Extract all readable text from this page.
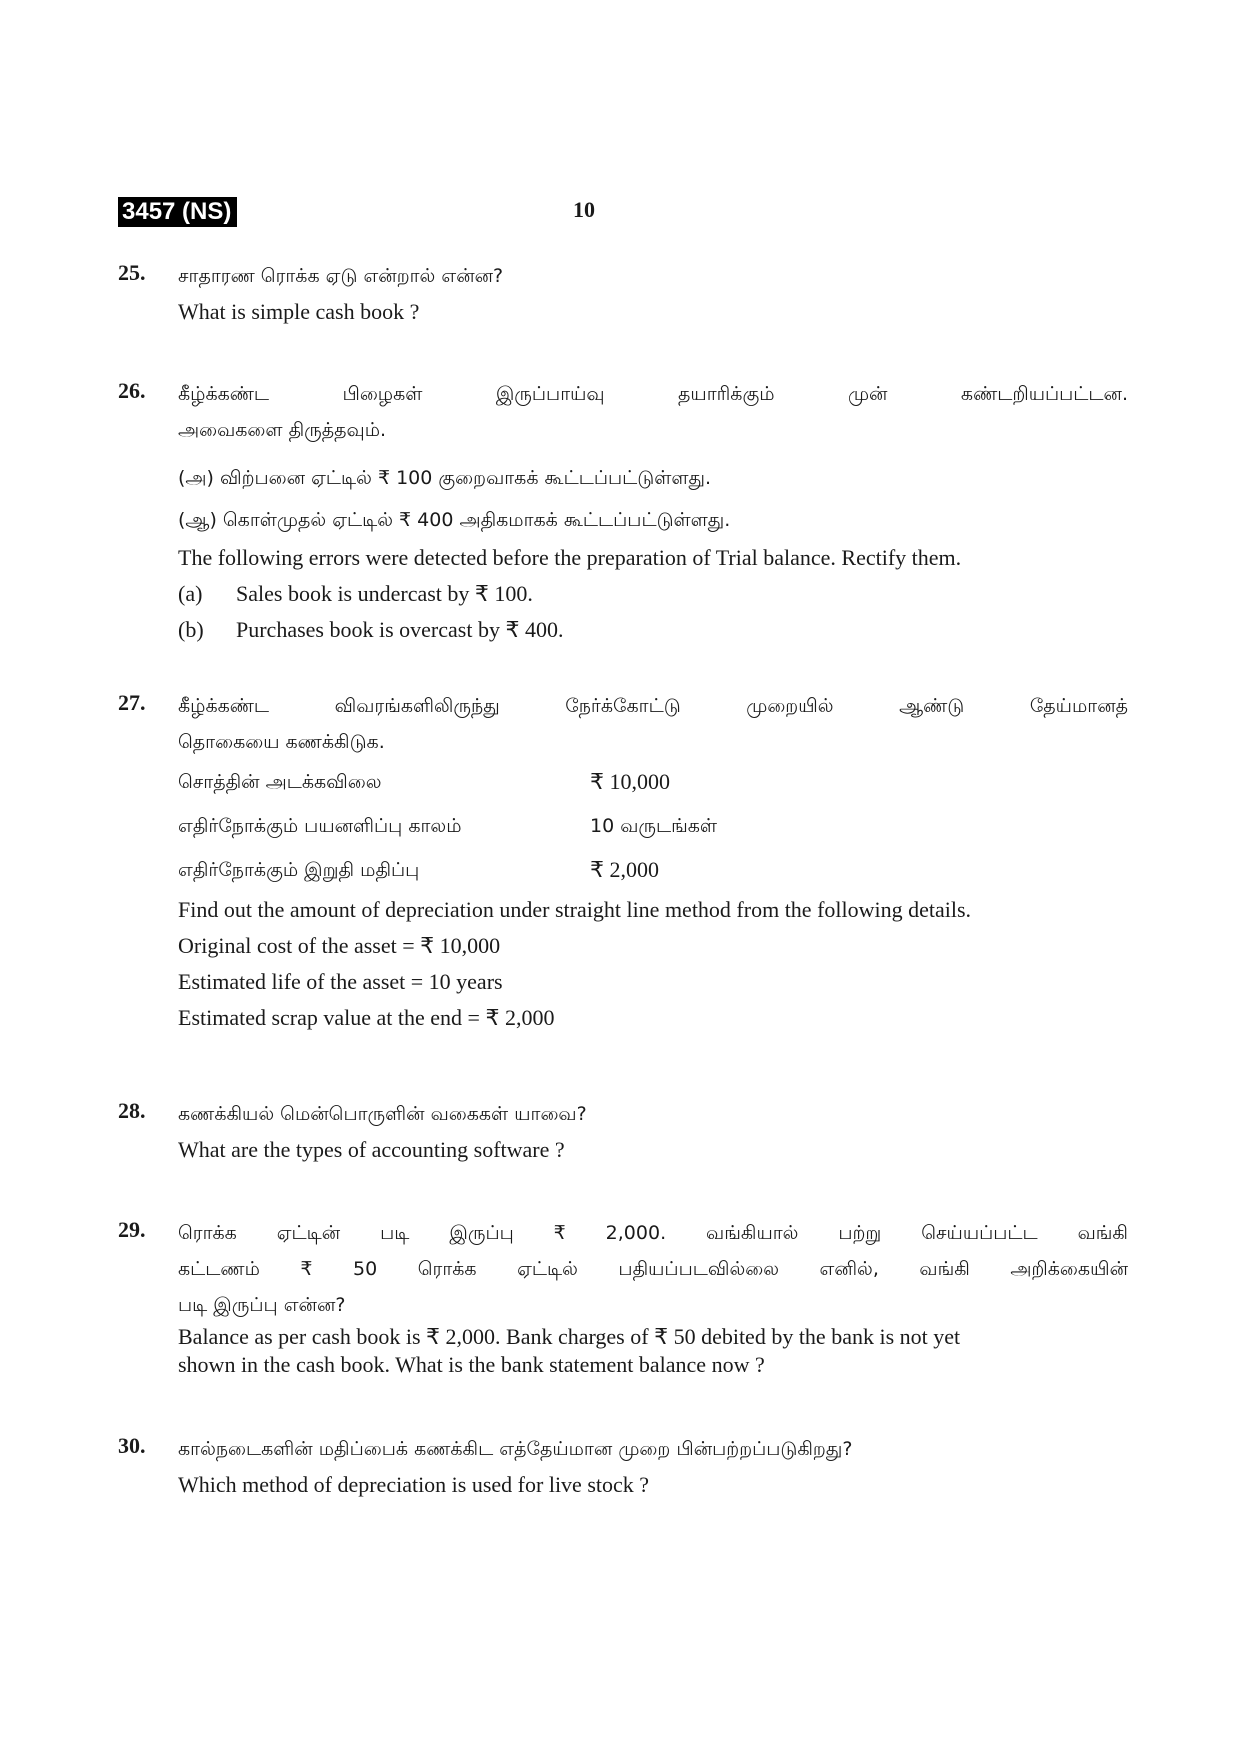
3457 (NS)	10
25. சாதாரண ரொக்க ஏடு என்றால் என்ன?
What is simple cash book ?
26. கீழ்க்கண்ட பிழைகள் இருப்பாய்வு தயாரிக்கும் முன் கண்டறியப்பட்டன.
அவைகளை திருத்தவும்.
(அ) விற்பனை ஏட்டில் ₹ 100 குறைவாகக் கூட்டப்பட்டுள்ளது.
(ஆ) கொள்முதல் ஏட்டில் ₹ 400 அதிகமாகக் கூட்டப்பட்டுள்ளது.
The following errors were detected before the preparation of Trial balance. Rectify them.
(a)	Sales book is undercast by ₹ 100.
(b)	Purchases book is overcast by ₹ 400.
27. கீழ்க்கண்ட விவரங்களிலிருந்து நேர்க்கோட்டு முறையில் ஆண்டு தேய்மானத்
தொகையை கணக்கிடுக.
சொத்தின் அடக்கவிலை	₹ 10,000
எதிர்நோக்கும் பயனளிப்பு காலம்	10 வருடங்கள்
எதிர்நோக்கும் இறுதி மதிப்பு	₹ 2,000
Find out the amount of depreciation under straight line method from the following details.
Original cost of the asset = ₹ 10,000
Estimated life of the asset = 10 years
Estimated scrap value at the end = ₹ 2,000
28. கணக்கியல் மென்பொருளின் வகைகள் யாவை?
What are the types of accounting software ?
29. ரொக்க ஏட்டின் படி இருப்பு ₹ 2,000. வங்கியால் பற்று செய்யப்பட்ட வங்கி
கட்டணம் ₹ 50 ரொக்க ஏட்டில் பதியப்படவில்லை எனில், வங்கி அறிக்கையின்
படி இருப்பு என்ன?
Balance as per cash book is ₹ 2,000. Bank charges of ₹ 50 debited by the bank is not yet
shown in the cash book. What is the bank statement balance now ?
30. கால்நடைகளின் மதிப்பைக் கணக்கிட எத்தேய்மான முறை பின்பற்றப்படுகிறது?
Which method of depreciation is used for live stock ?
